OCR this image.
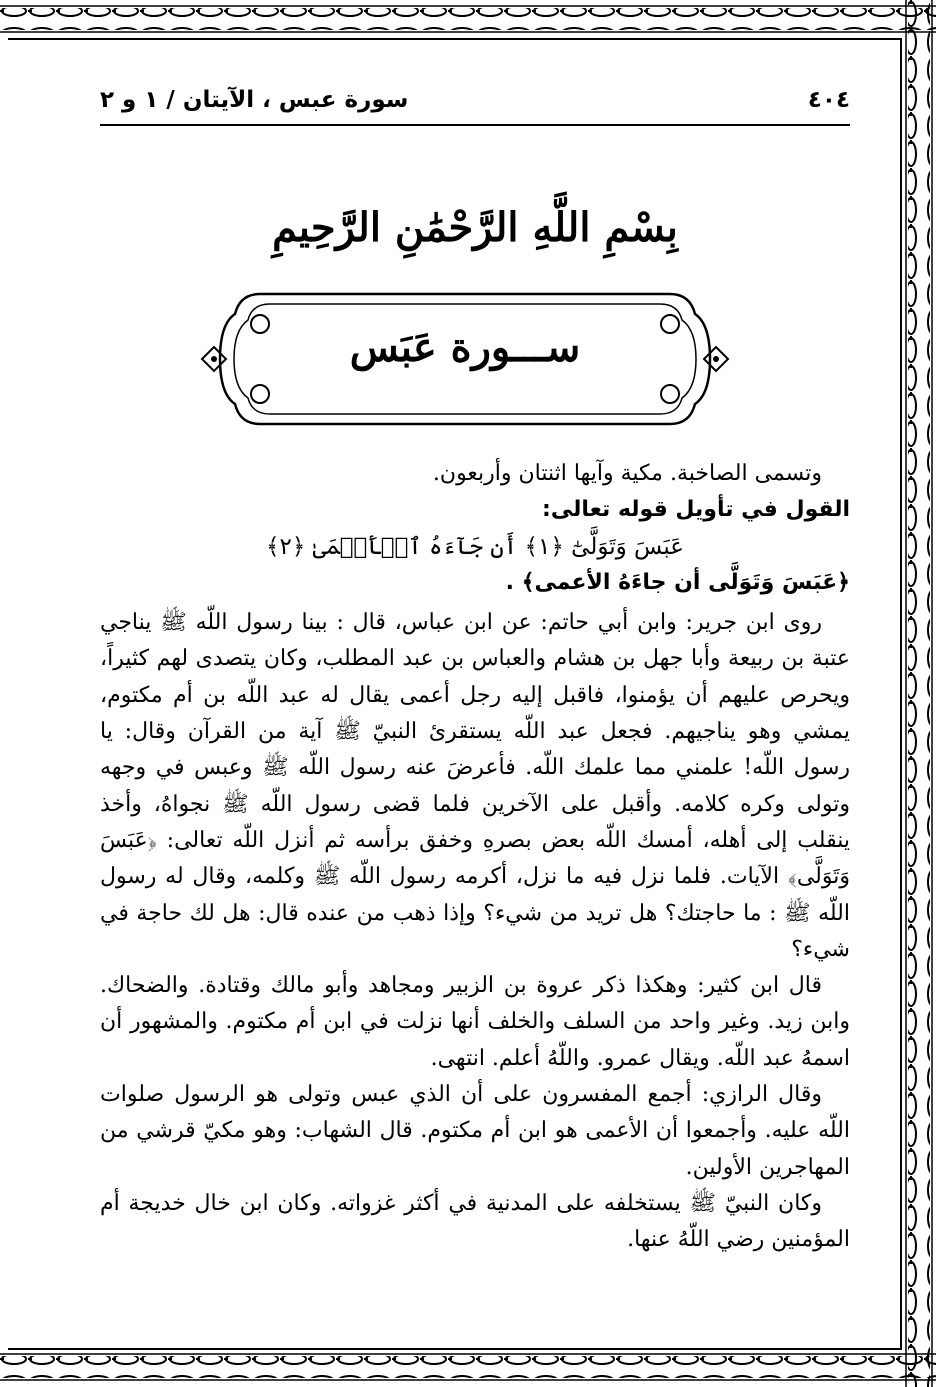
٤٠٤
سورة عبس ، الآيتان / ١ و ٢
بِسْمِ اللَّهِ الرَّحْمَٰنِ الرَّحِيمِ
ســـورة عَبَس

وتسمى الصاخبة. مكية وآيها اثنتان وأربعون.

القول في تأويل قوله تعالى:

عَبَسَ وَتَوَلَّىٰٓ ﴿١﴾ أَن جَآءَهُ ٱلۡأَعۡمَىٰ ﴿٢﴾

﴿عَبَسَ وَتَوَلَّى أن جاءَهُ الأعمى﴾ .

روى ابن جرير: وابن أبي حاتم: عن ابن عباس، قال : بينا رسول اللّه ﷺ يناجي عتبة بن ربيعة وأبا جهل بن هشام والعباس بن عبد المطلب، وكان يتصدى لهم كثيراً، ويحرص عليهم أن يؤمنوا، فاقبل إليه رجل أعمى يقال له عبد اللّه بن أم مكتوم، يمشي وهو يناجيهم. فجعل عبد اللّه يستقرئ النبيّ ﷺ آية من القرآن وقال: يا رسول اللّه! علمني مما علمك اللّه. فأعرضَ عنه رسول اللّه ﷺ وعبس في وجهه وتولى وكره كلامه. وأقبل على الآخرين فلما قضى رسول اللّه ﷺ نجواهُ، وأخذ ينقلب إلى أهله، أمسك اللّه بعض بصرهِ وخفق برأسه ثم أنزل اللّه تعالى: ﴿عَبَسَ وَتَوَلَّى﴾ الآيات. فلما نزل فيه ما نزل، أكرمه رسول اللّه ﷺ وكلمه، وقال له رسول اللّه ﷺ : ما حاجتك؟ هل تريد من شيء؟ وإذا ذهب من عنده قال: هل لك حاجة في شيء؟

قال ابن كثير: وهكذا ذكر عروة بن الزبير ومجاهد وأبو مالك وقتادة. والضحاك. وابن زيد. وغير واحد من السلف والخلف أنها نزلت في ابن أم مكتوم. والمشهور أن اسمهُ عبد اللّه. ويقال عمرو. واللّهُ أعلم. انتهى.

وقال الرازي: أجمع المفسرون على أن الذي عبس وتولى هو الرسول صلوات اللّه عليه. وأجمعوا أن الأعمى هو ابن أم مكتوم. قال الشهاب: وهو مكيّ قرشي من المهاجرين الأولين.

وكان النبيّ ﷺ يستخلفه على المدنية في أكثر غزواته. وكان ابن خال خديجة أم المؤمنين رضي اللّهُ عنها.
